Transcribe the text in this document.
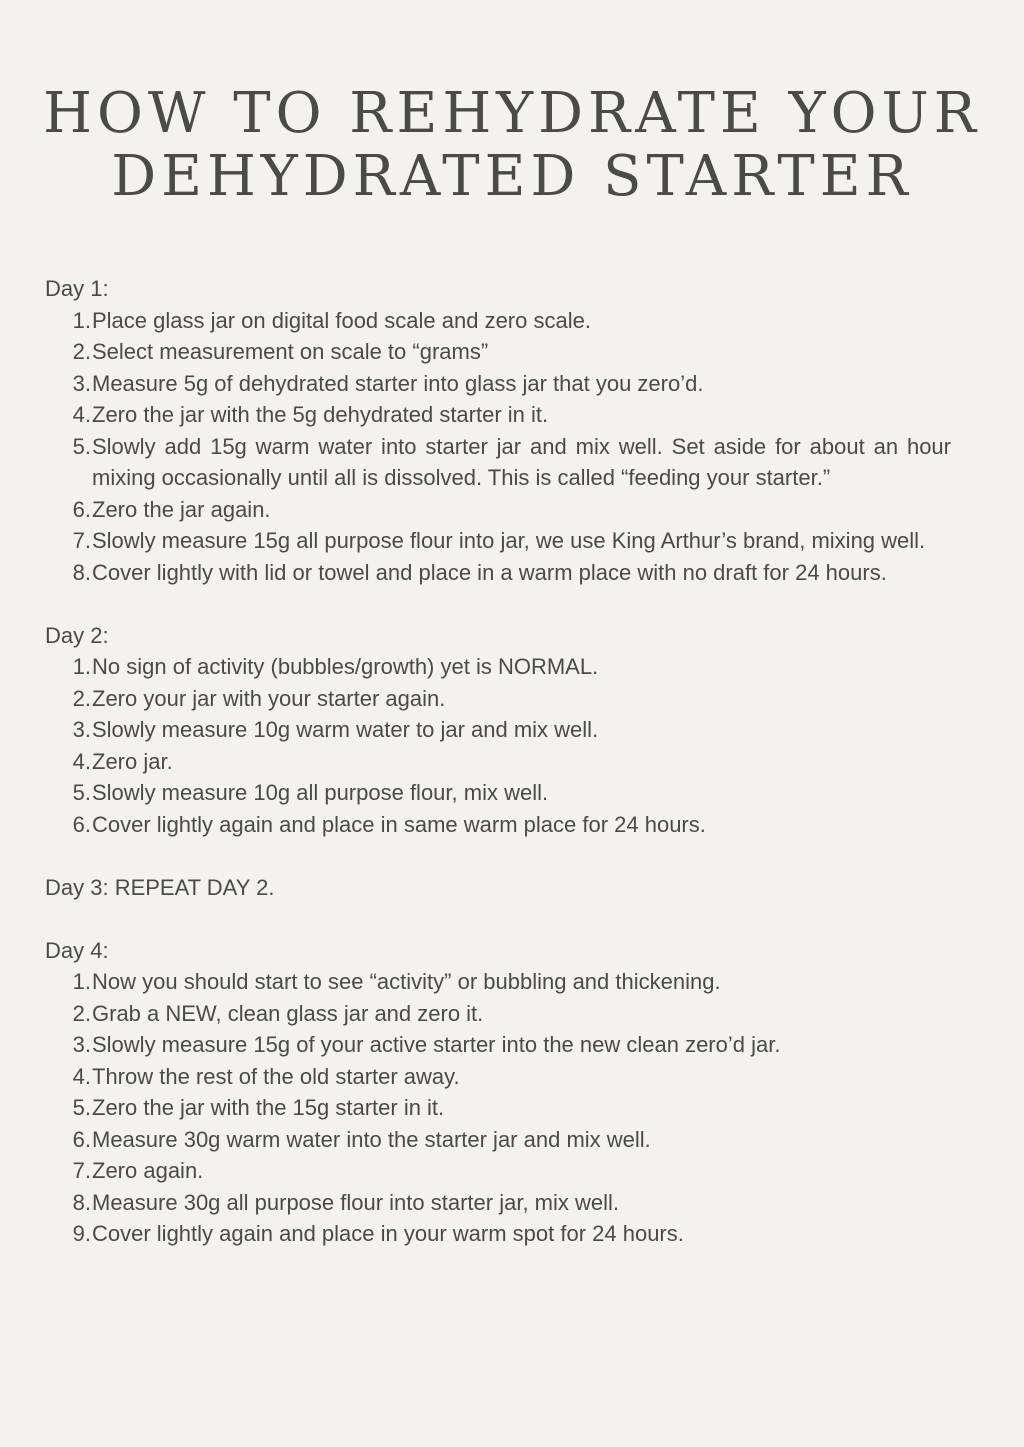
HOW TO REHYDRATE YOUR
DEHYDRATED STARTER

Day 1:

1. Place glass jar on digital food scale and zero scale.
2. Select measurement on scale to “grams”
3. Measure 5g of dehydrated starter into glass jar that you zero’d.
4. Zero the jar with the 5g dehydrated starter in it.
5. Slowly add 15g warm water into starter jar and mix well. Set aside for about an hour mixing occasionally until all is dissolved. This is called “feeding your starter.”
6. Zero the jar again.
7. Slowly measure 15g all purpose flour into jar, we use King Arthur’s brand, mixing well.
8. Cover lightly with lid or towel and place in a warm place with no draft for 24 hours.

Day 2:

1. No sign of activity (bubbles/growth) yet is NORMAL.
2. Zero your jar with your starter again.
3. Slowly measure 10g warm water to jar and mix well.
4. Zero jar.
5. Slowly measure 10g all purpose flour, mix well.
6. Cover lightly again and place in same warm place for 24 hours.

Day 3: REPEAT DAY 2.

Day 4:

1. Now you should start to see “activity” or bubbling and thickening.
2. Grab a NEW, clean glass jar and zero it.
3. Slowly measure 15g of your active starter into the new clean zero’d jar.
4. Throw the rest of the old starter away.
5. Zero the jar with the 15g starter in it.
6. Measure 30g warm water into the starter jar and mix well.
7. Zero again.
8. Measure 30g all purpose flour into starter jar, mix well.
9. Cover lightly again and place in your warm spot for 24 hours.
